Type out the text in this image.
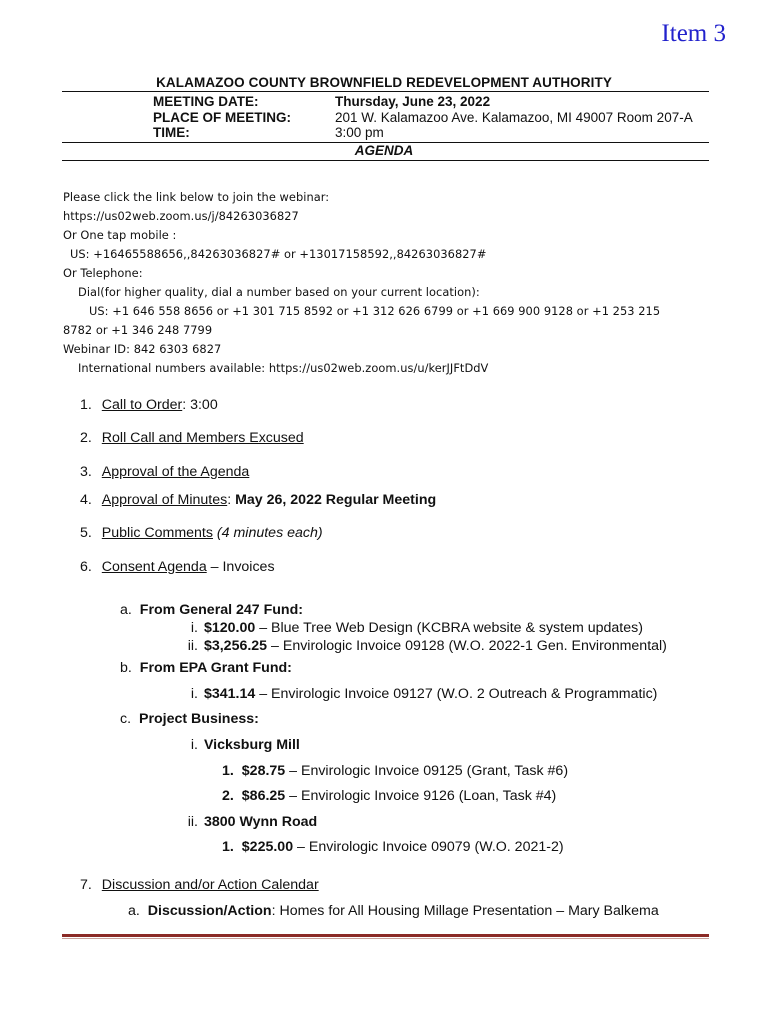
Item 3
KALAMAZOO COUNTY BROWNFIELD REDEVELOPMENT AUTHORITY
MEETING DATE:	Thursday, June 23, 2022
PLACE OF MEETING:	201 W. Kalamazoo Ave. Kalamazoo, MI 49007 Room 207-A
TIME:	3:00 pm
AGENDA
Please click the link below to join the webinar:
https://us02web.zoom.us/j/84263036827
Or One tap mobile :
US: +16465588656,,84263036827# or +13017158592,,84263036827#
Or Telephone:
Dial(for higher quality, dial a number based on your current location):
US: +1 646 558 8656 or +1 301 715 8592 or +1 312 626 6799 or +1 669 900 9128 or +1 253 215
8782 or +1 346 248 7799
Webinar ID: 842 6303 6827
International numbers available: https://us02web.zoom.us/u/kerJJFtDdV
1. Call to Order: 3:00
2. Roll Call and Members Excused
3. Approval of the Agenda
4. Approval of Minutes: May 26, 2022 Regular Meeting
5. Public Comments (4 minutes each)
6. Consent Agenda – Invoices
a. From General 247 Fund:
i. $120.00 – Blue Tree Web Design (KCBRA website & system updates)
ii. $3,256.25 – Envirologic Invoice 09128 (W.O. 2022-1 Gen. Environmental)
b. From EPA Grant Fund:
i. $341.14 – Envirologic Invoice 09127 (W.O. 2 Outreach & Programmatic)
c. Project Business:
i. Vicksburg Mill
1. $28.75 – Envirologic Invoice 09125 (Grant, Task #6)
2. $86.25 – Envirologic Invoice 9126 (Loan, Task #4)
ii. 3800 Wynn Road
1. $225.00 – Envirologic Invoice 09079 (W.O. 2021-2)
7. Discussion and/or Action Calendar
a. Discussion/Action: Homes for All Housing Millage Presentation – Mary Balkema
